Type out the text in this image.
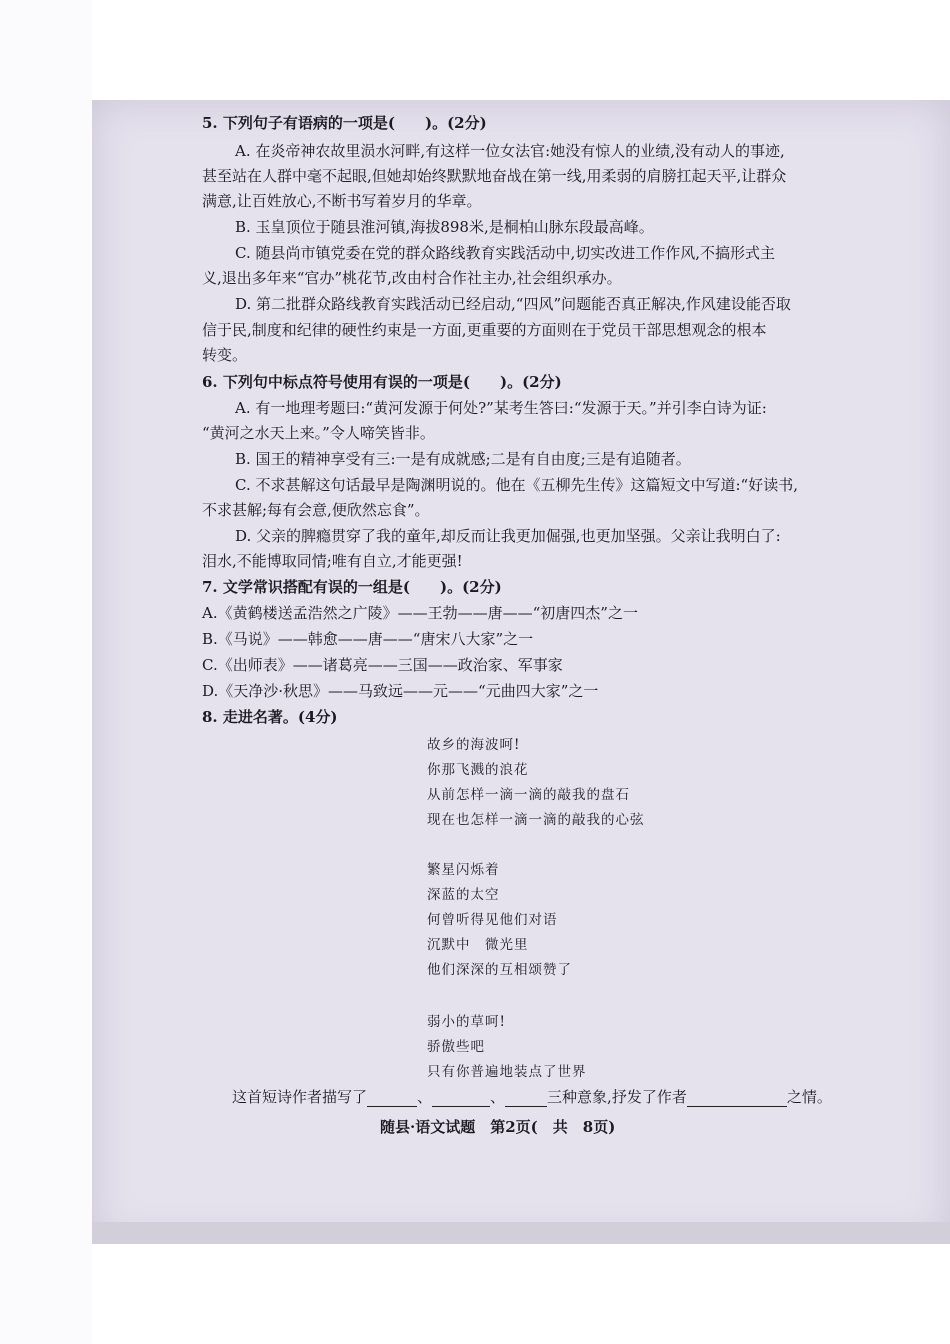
5. 下列句子有语病的一项是(　　)。(2分)
A. 在炎帝神农故里涢水河畔,有这样一位女法官:她没有惊人的业绩,没有动人的事迹,
甚至站在人群中毫不起眼,但她却始终默默地奋战在第一线,用柔弱的肩膀扛起天平,让群众
满意,让百姓放心,不断书写着岁月的华章。
B. 玉皇顶位于随县淮河镇,海拔898米,是桐柏山脉东段最高峰。
C. 随县尚市镇党委在党的群众路线教育实践活动中,切实改进工作作风,不搞形式主
义,退出多年来“官办”桃花节,改由村合作社主办,社会组织承办。
D. 第二批群众路线教育实践活动已经启动,“四风”问题能否真正解决,作风建设能否取
信于民,制度和纪律的硬性约束是一方面,更重要的方面则在于党员干部思想观念的根本
转变。
6. 下列句中标点符号使用有误的一项是(　　)。(2分)
A. 有一地理考题曰:“黄河发源于何处?”某考生答曰:“发源于天。”并引李白诗为证:
“黄河之水天上来。”令人啼笑皆非。
B. 国王的精神享受有三:一是有成就感;二是有自由度;三是有追随者。
C. 不求甚解这句话最早是陶渊明说的。他在《五柳先生传》这篇短文中写道:“好读书,
不求甚解;每有会意,便欣然忘食”。
D. 父亲的脾瘾贯穿了我的童年,却反而让我更加倔强,也更加坚强。父亲让我明白了:
泪水,不能博取同情;唯有自立,才能更强!
7. 文学常识搭配有误的一组是(　　)。(2分)
A.《黄鹤楼送孟浩然之广陵》——王勃——唐——“初唐四杰”之一
B.《马说》——韩愈——唐——“唐宋八大家”之一
C.《出师表》——诸葛亮——三国——政治家、军事家
D.《天净沙·秋思》——马致远——元——“元曲四大家”之一
8. 走进名著。(4分)
故乡的海波呵!
你那飞溅的浪花
从前怎样一滴一滴的敲我的盘石
现在也怎样一滴一滴的敲我的心弦
繁星闪烁着
深蓝的太空
何曾听得见他们对语
沉默中　微光里
他们深深的互相颂赞了
弱小的草呵!
骄傲些吧
只有你普遍地装点了世界
这首短诗作者描写了	、	、	三种意象,抒发了作者	之情。
随县·语文试题　第2页(　共　8页)
